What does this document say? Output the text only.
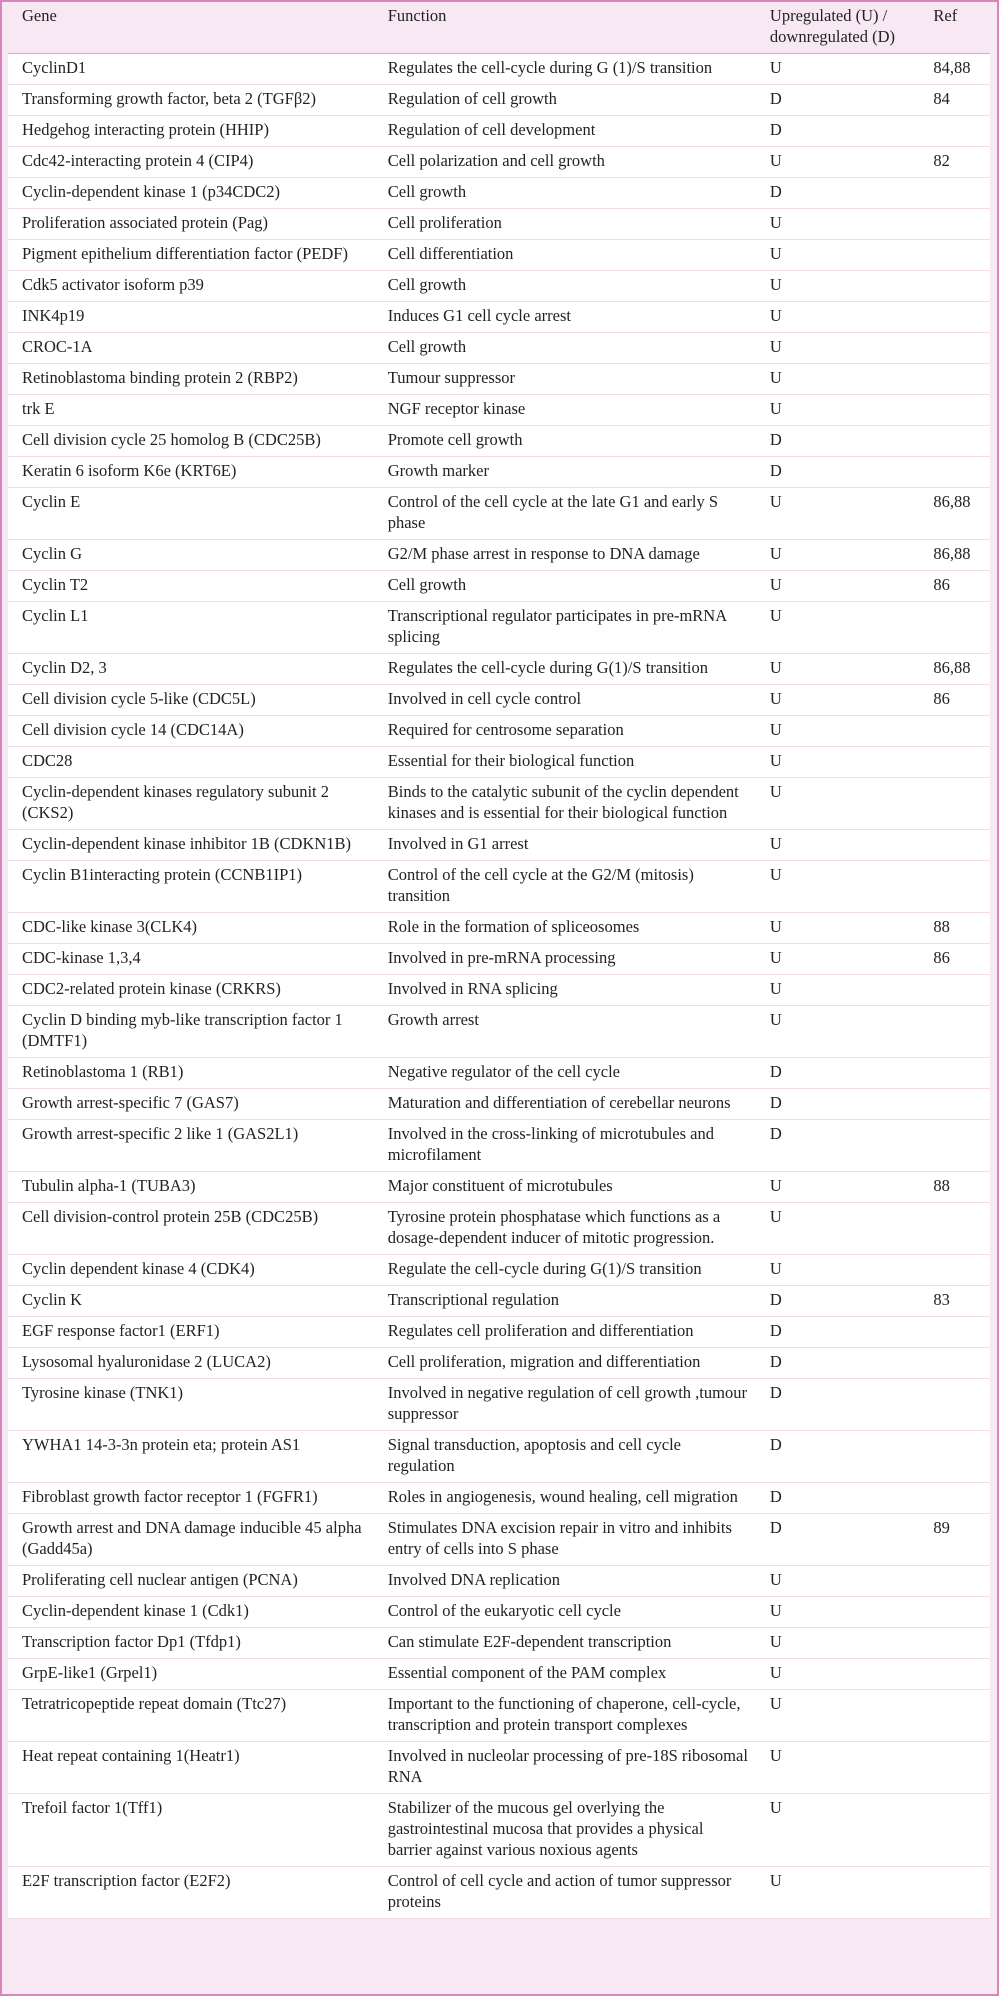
Gene	Function	Upregulated (U) / downregulated (D)	Ref
CyclinD1	Regulates the cell-cycle during G (1)/S transition	U	84,88
Transforming growth factor, beta 2 (TGFβ2)	Regulation of cell growth	D	84
Hedgehog interacting protein (HHIP)	Regulation of cell development	D	
Cdc42-interacting protein 4 (CIP4)	Cell polarization and cell growth	U	82
Cyclin-dependent kinase 1 (p34CDC2)	Cell growth	D	
Proliferation associated protein (Pag)	Cell proliferation	U	
Pigment epithelium differentiation factor (PEDF)	Cell differentiation	U	
Cdk5 activator isoform p39	Cell growth	U	
INK4p19	Induces G1 cell cycle arrest	U	
CROC-1A	Cell growth	U	
Retinoblastoma binding protein 2 (RBP2)	Tumour suppressor	U	
trk E	NGF receptor kinase	U	
Cell division cycle 25 homolog B (CDC25B)	Promote cell growth	D	
Keratin 6 isoform K6e (KRT6E)	Growth marker	D	
Cyclin E	Control of the cell cycle at the late G1 and early S phase	U	86,88
Cyclin G	G2/M phase arrest in response to DNA damage	U	86,88
Cyclin T2	Cell growth	U	86
Cyclin L1	Transcriptional regulator participates in pre-mRNA splicing	U	
Cyclin D2, 3	Regulates the cell-cycle during G(1)/S transition	U	86,88
Cell division cycle 5-like (CDC5L)	Involved in cell cycle control	U	86
Cell division cycle 14 (CDC14A)	Required for centrosome separation	U	
CDC28	Essential for their biological function	U	
Cyclin-dependent kinases regulatory subunit 2 (CKS2)	Binds to the catalytic subunit of the cyclin dependent kinases and is essential for their biological function	U	
Cyclin-dependent kinase inhibitor 1B (CDKN1B)	Involved in G1 arrest	U	
Cyclin B1interacting protein (CCNB1IP1)	Control of the cell cycle at the G2/M (mitosis) transition	U	
CDC-like kinase 3(CLK4)	Role in the formation of spliceosomes	U	88
CDC-kinase 1,3,4	Involved in pre-mRNA processing	U	86
CDC2-related protein kinase (CRKRS)	Involved in RNA splicing	U	
Cyclin D binding myb-like transcription factor 1 (DMTF1)	Growth arrest	U	
Retinoblastoma 1 (RB1)	Negative regulator of the cell cycle	D	
Growth arrest-specific 7 (GAS7)	Maturation and differentiation of cerebellar neurons	D	
Growth arrest-specific 2 like 1 (GAS2L1)	Involved in the cross-linking of microtubules and microfilament	D	
Tubulin alpha-1 (TUBA3)	Major constituent of microtubules	U	88
Cell division-control protein 25B (CDC25B)	Tyrosine protein phosphatase which functions as a dosage-dependent inducer of mitotic progression.	U	
Cyclin dependent kinase 4 (CDK4)	Regulate the cell-cycle during G(1)/S transition	U	
Cyclin K	Transcriptional regulation	D	83
EGF response factor1 (ERF1)	Regulates cell proliferation and differentiation	D	
Lysosomal hyaluronidase 2 (LUCA2)	Cell proliferation, migration and differentiation	D	
Tyrosine kinase (TNK1)	Involved in negative regulation of cell growth ,tumour suppressor	D	
YWHA1 14-3-3n protein eta; protein AS1	Signal transduction, apoptosis and cell cycle regulation	D	
Fibroblast growth factor receptor 1 (FGFR1)	Roles in angiogenesis, wound healing, cell migration	D	
Growth arrest and DNA damage inducible 45 alpha (Gadd45a)	Stimulates DNA excision repair in vitro and inhibits entry of cells into S phase	D	89
Proliferating cell nuclear antigen (PCNA)	Involved DNA replication	U	
Cyclin-dependent kinase 1 (Cdk1)	Control of the eukaryotic cell cycle	U	
Transcription factor Dp1 (Tfdp1)	Can stimulate E2F-dependent transcription	U	
GrpE-like1 (Grpel1)	Essential component of the PAM complex	U	
Tetratricopeptide repeat domain (Ttc27)	Important to the functioning of chaperone, cell-cycle, transcription and protein transport complexes	U	
Heat repeat containing 1(Heatr1)	Involved in nucleolar processing of pre-18S ribosomal RNA	U	
Trefoil factor 1(Tff1)	Stabilizer of the mucous gel overlying the gastrointestinal mucosa that provides a physical barrier against various noxious agents	U	
E2F transcription factor (E2F2)	Control of cell cycle and action of tumor suppressor proteins	U	
